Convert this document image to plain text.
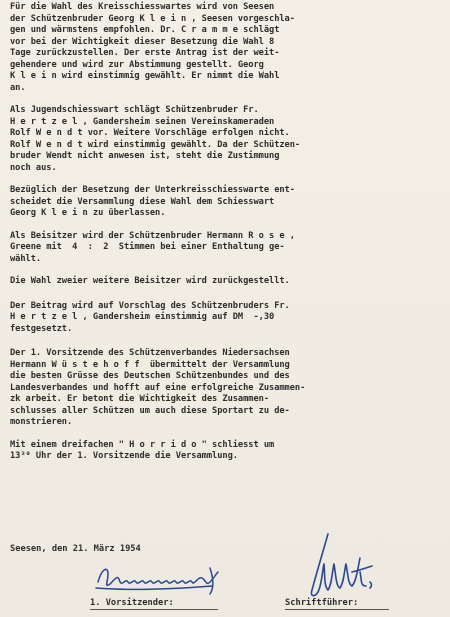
Für die Wahl des Kreisschiesswartes wird von Seesen
der Schützenbruder Georg K l e i n , Seesen vorgeschla-
gen und wärmstens empfohlen. Dr. C r a m m e schlägt
vor bei der Wichtigkeit dieser Besetzung die Wahl 8
Tage zurückzustellen. Der erste Antrag ist der weit-
gehendere und wird zur Abstimmung gestellt. Georg
K l e i n wird einstimmig gewählt. Er nimmt die Wahl
an.
Als Jugendschiesswart schlägt Schützenbruder Fr.
H e r t z e l , Gandersheim seinen Vereinskameraden
Rolf W e n d t vor. Weitere Vorschläge erfolgen nicht.
Rolf W e n d t wird einstimmig gewählt. Da der Schützen-
bruder Wendt nicht anwesen ist, steht die Zustimmung
noch aus.
Bezüglich der Besetzung der Unterkreisschiesswarte ent-
scheidet die Versammlung diese Wahl dem Schiesswart
Georg K l e i n zu überlassen.
Als Beisitzer wird der Schützenbruder Hermann R o s e ,
Greene mit  4  :  2  Stimmen bei einer Enthaltung ge-
wählt.
Die Wahl zweier weitere Beisitzer wird zurückgestellt.
Der Beitrag wird auf Vorschlag des Schützenbruders Fr.
H e r t z e l , Gandersheim einstimmig auf DM  -,30
festgesetzt.
Der 1. Vorsitzende des Schützenverbandes Niedersachsen
Hermann W ü s t e h o f f  übermittelt der Versammlung
die besten Grüsse des Deutschen Schützenbundes und des
Landesverbandes und hofft auf eine erfolgreiche Zusammen-
zk arbeit. Er betont die Wichtigkeit des Zusammen-
schlusses aller Schützen um auch diese Sportart zu de-
monstrieren.
Mit einem dreifachen " H o r r i d o " schliesst um
13³⁰ Uhr der 1. Vorsitzende die Versammlung.
Seesen, den 21. März 1954
1. Vorsitzender:	Schriftführer:
